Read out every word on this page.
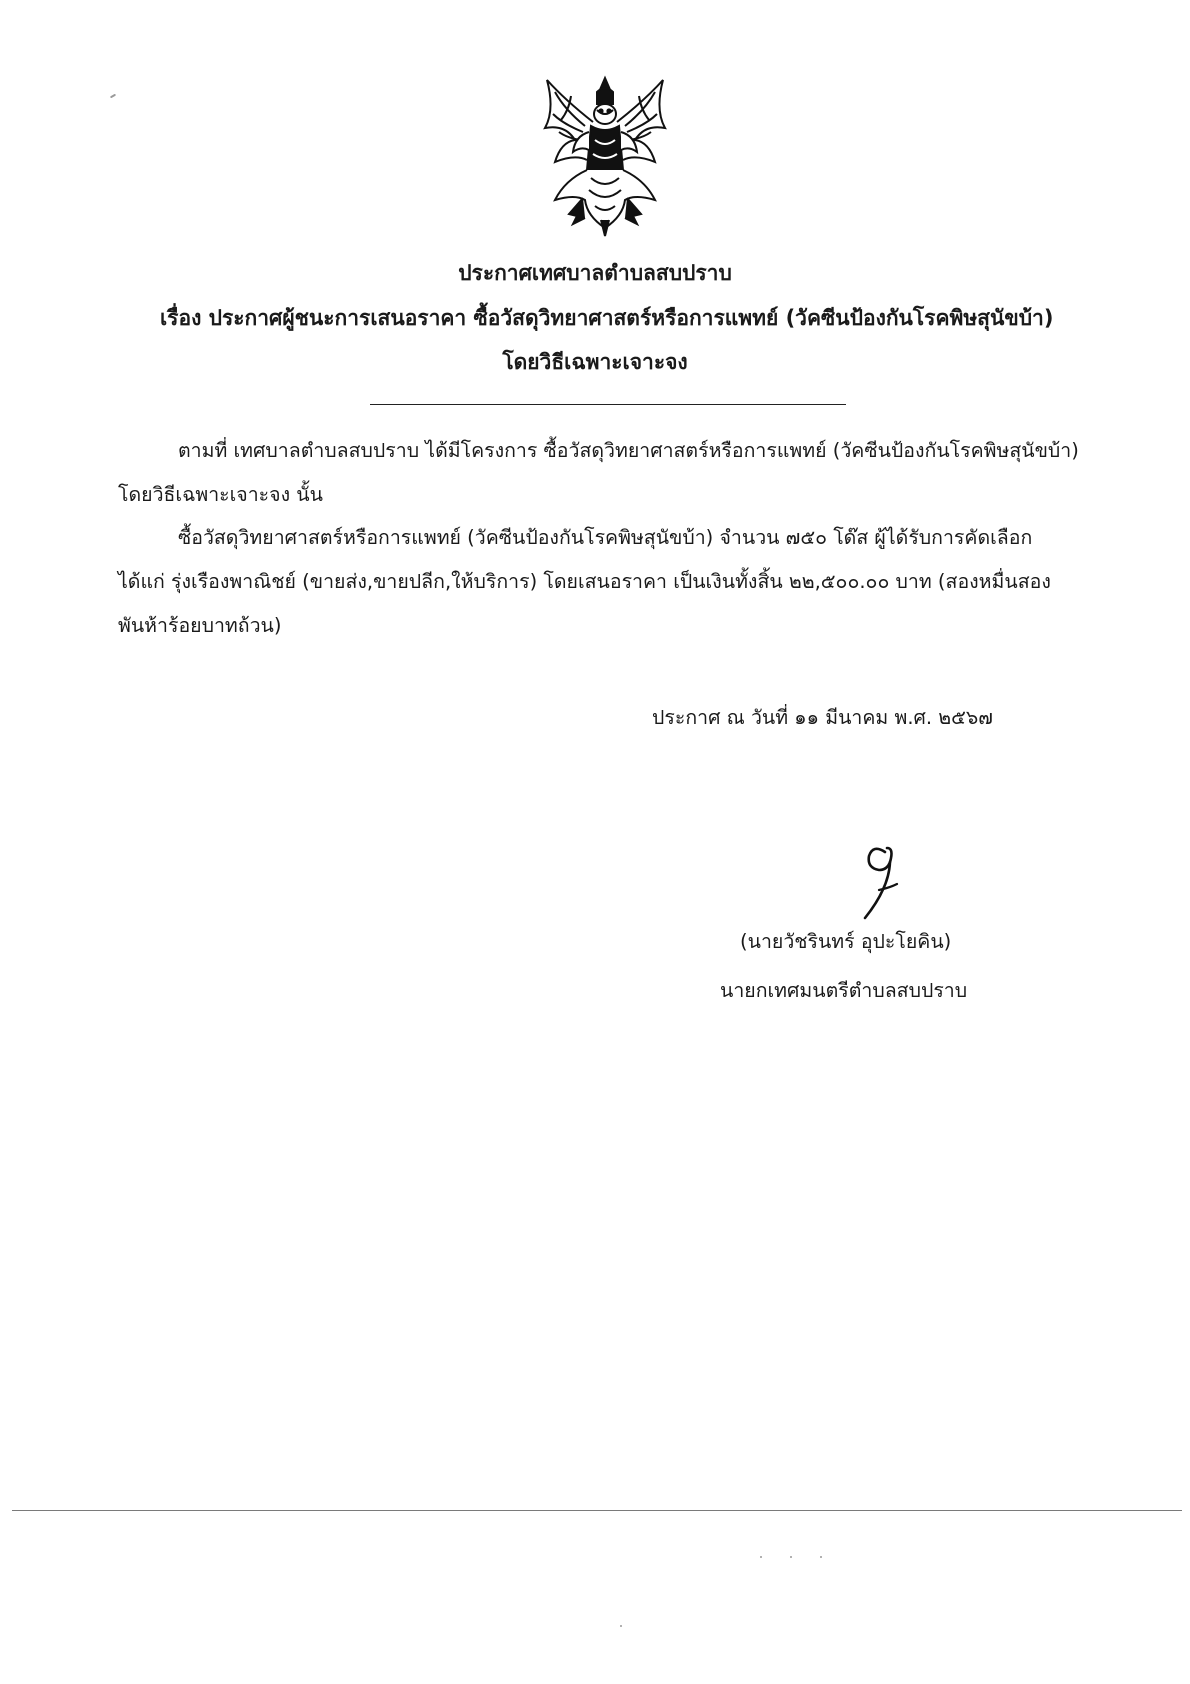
ประกาศเทศบาลตำบลสบปราบ
เรื่อง ประกาศผู้ชนะการเสนอราคา ซื้อวัสดุวิทยาศาสตร์หรือการแพทย์ (วัคซีนป้องกันโรคพิษสุนัขบ้า)
โดยวิธีเฉพาะเจาะจง
ตามที่ เทศบาลตำบลสบปราบ ได้มีโครงการ ซื้อวัสดุวิทยาศาสตร์หรือการแพทย์ (วัคซีนป้องกันโรคพิษสุนัขบ้า)
โดยวิธีเฉพาะเจาะจง นั้น
ซื้อวัสดุวิทยาศาสตร์หรือการแพทย์ (วัคซีนป้องกันโรคพิษสุนัขบ้า) จำนวน ๗๕๐ โด๊ส ผู้ได้รับการคัดเลือก
ได้แก่ รุ่งเรืองพาณิชย์ (ขายส่ง,ขายปลีก,ให้บริการ) โดยเสนอราคา เป็นเงินทั้งสิ้น ๒๒,๕๐๐.๐๐ บาท (สองหมื่นสอง
พันห้าร้อยบาทถ้วน)
ประกาศ ณ วันที่ ๑๑ มีนาคม พ.ศ. ๒๕๖๗
(นายวัชรินทร์ อุปะโยคิน)
นายกเทศมนตรีตำบลสบปราบ
